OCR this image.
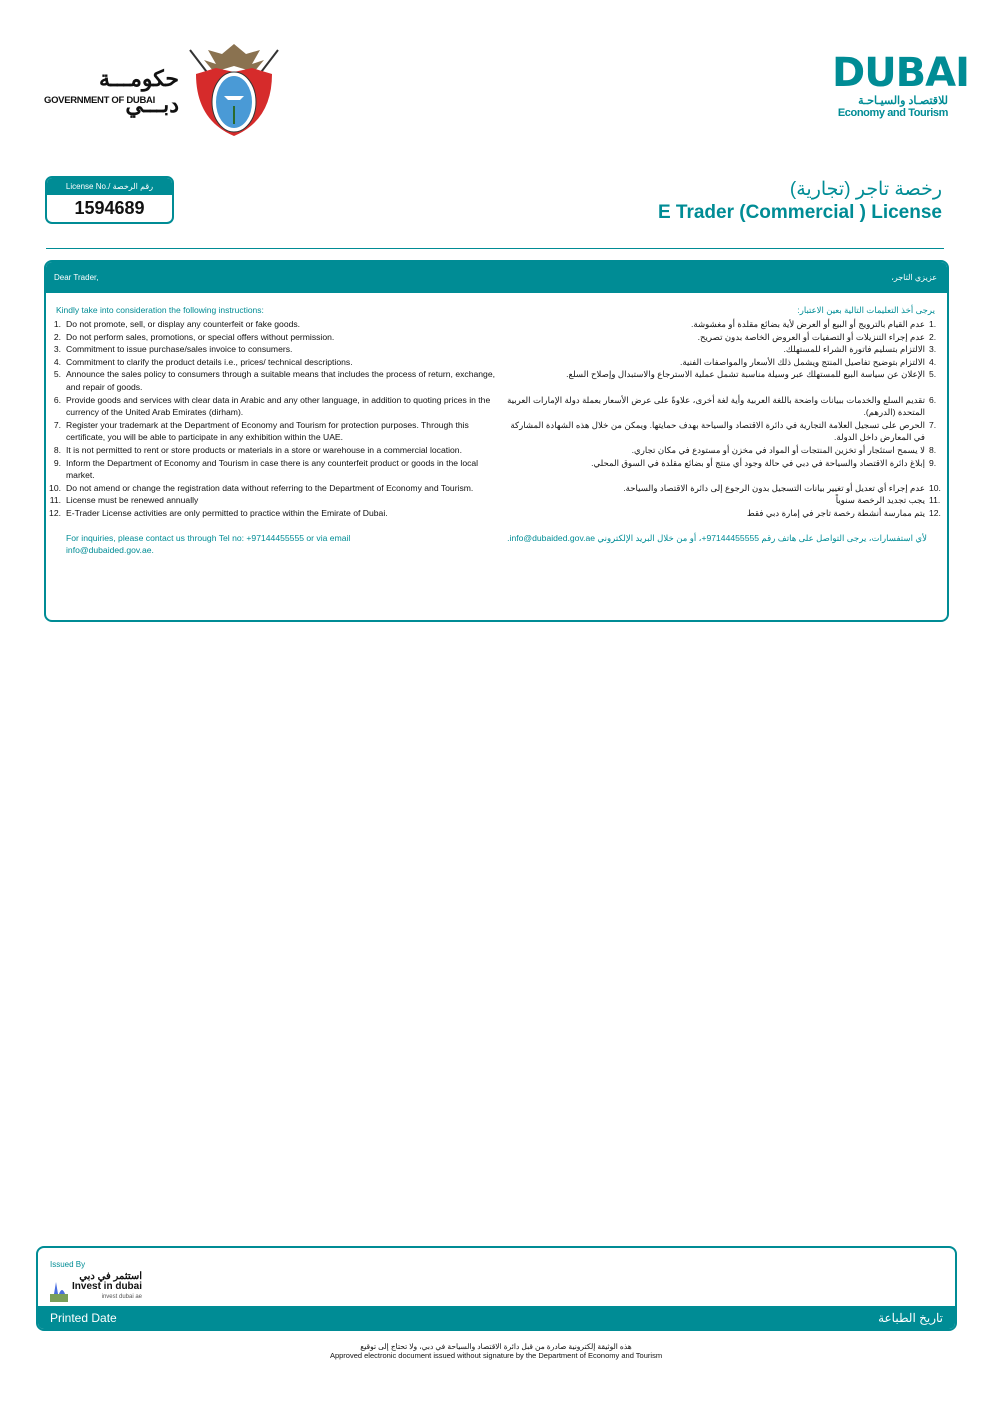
حكومـــة دبـــي
GOVERNMENT OF DUBAI
DUBAI
للاقتصـاد والسيـاحـة
Economy and Tourism
License No./ رقم الرخصة
1594689
رخصة تاجر (تجارية)
E Trader (Commercial ) License
Dear Trader,	عزيزي التاجر،
Kindly take into consideration the following instructions:	يرجى أخذ التعليمات التالية بعين الاعتبار:
1.	Do not promote, sell, or display any counterfeit or fake goods.	عدم القيام بالترويج أو البيع أو العرض لأية بضائع مقلدة أو مغشوشة.	1.
2.	Do not perform sales, promotions, or special offers without permission.	عدم إجراء التنزيلات أو التصفيات أو العروض الخاصة بدون تصريح.	2.
3.	Commitment to issue purchase/sales invoice to consumers.	الالتزام بتسليم فاتورة الشراء للمستهلك.	3.
4.	Commitment to clarify the product details i.e., prices/ technical descriptions.	الالتزام بتوضيح تفاصيل المنتج ويشمل ذلك الأسعار والمواصفات الفنية.	4.
5.	Announce the sales policy to consumers through a suitable means that includes the process of return, exchange, and repair of goods.	الإعلان عن سياسة البيع للمستهلك عبر وسيلة مناسبة تشمل عملية الاسترجاع والاستبدال وإصلاح السلع.	5.
6.	Provide goods and services with clear data in Arabic and any other language, in addition to quoting prices in the currency of the United Arab Emirates (dirham).	تقديم السلع والخدمات ببيانات واضحة باللغة العربية وأية لغة أخرى، علاوةً على عرض الأسعار بعملة دولة الإمارات العربية المتحدة (الدرهم).	6.
7.	Register your trademark at the Department of Economy and Tourism for protection purposes. Through this certificate, you will be able to participate in any exhibition within the UAE.	الحرص على تسجيل العلامة التجارية في دائرة الاقتصاد والسياحة بهدف حمايتها. ويمكن من خلال هذه الشهادة المشاركة في المعارض داخل الدولة.	7.
8.	It is not permitted to rent or store products or materials in a store or warehouse in a commercial location.	لا يسمح استئجار أو تخزين المنتجات أو المواد في مخزن أو مستودع في مكان تجاري.	8.
9.	Inform the Department of Economy and Tourism in case there is any counterfeit product or goods in the local market.	إبلاغ دائرة الاقتصاد والسياحة في دبي في حالة وجود أي منتج أو بضائع مقلدة في السوق المحلي.	9.
10.	Do not amend or change the registration data without referring to the Department of Economy and Tourism.	عدم إجراء أي تعديل أو تغيير بيانات التسجيل بدون الرجوع إلى دائرة الاقتصاد والسياحة.	10.
11.	License must be renewed annually	يجب تجديد الرخصة سنوياً	11.
12.	E-Trader License activities are only permitted to practice within the Emirate of Dubai.	يتم ممارسة أنشطة رخصة تاجر في إمارة دبي فقط	12.
For inquiries, please contact us through Tel no: +97144455555 or via email info@dubaided.gov.ae.
لأي استفسارات، يرجى التواصل على هاتف رقم 97144455555+، أو من خلال البريد الإلكتروني info@dubaided.gov.ae.
Issued By
استثمر في دبي
Invest in dubai
invest dubai ae
Printed Date	تاريخ الطباعة
هذه الوثيقة إلكترونية صادرة من قبل دائرة الاقتصاد والسياحة في دبي، ولا تحتاج إلى توقيع
Approved electronic document issued without signature by the Department of Economy and Tourism
